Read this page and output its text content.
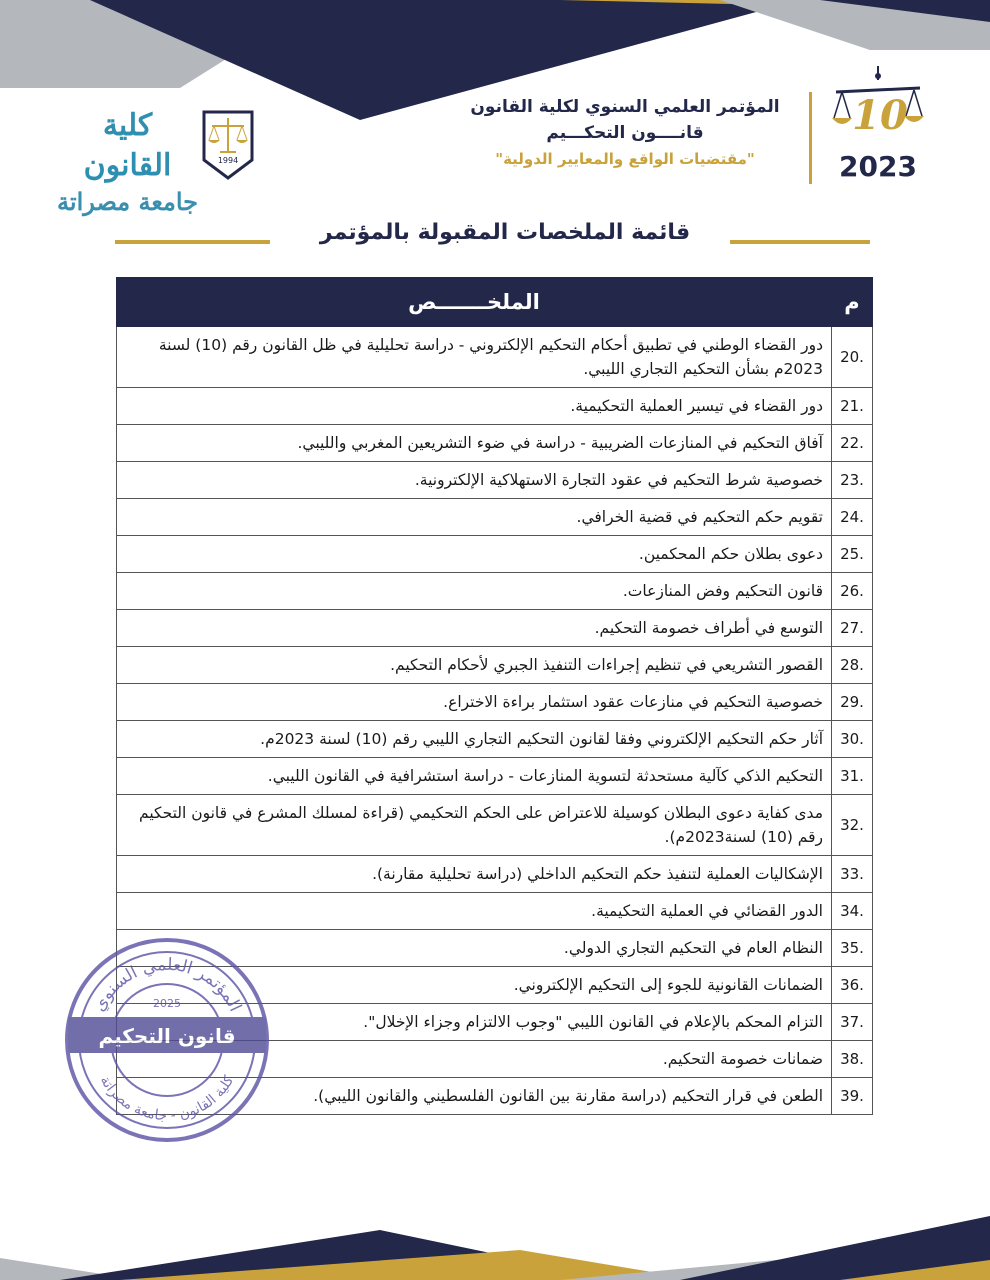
10
2023
المؤتمر العلمي السنوي لكلية القانون
قانــــون التحكـــيم
"مقتضيات الواقع والمعايير الدولية"
1994
كلية القانون
جامعة مصراتة
قائمة الملخصات المقبولة بالمؤتمر
م	الملخـــــــص
20.	دور القضاء الوطني في تطبيق أحكام التحكيم الإلكتروني - دراسة تحليلية في ظل القانون رقم (10) لسنة 2023م بشأن التحكيم التجاري الليبي.
21.	دور القضاء في تيسير العملية التحكيمية.
22.	آفاق التحكيم في المنازعات الضريبية - دراسة في ضوء التشريعين المغربي والليبي.
23.	خصوصية شرط التحكيم في عقود التجارة الاستهلاكية الإلكترونية.
24.	تقويم حكم التحكيم في قضية الخرافي.
25.	دعوى بطلان حكم المحكمين.
26.	قانون التحكيم وفض المنازعات.
27.	التوسع في أطراف خصومة التحكيم.
28.	القصور التشريعي في تنظيم إجراءات التنفيذ الجبري لأحكام التحكيم.
29.	خصوصية التحكيم في منازعات عقود استثمار براءة الاختراع.
30.	آثار حكم التحكيم الإلكتروني وفقا لقانون التحكيم التجاري الليبي رقم (10) لسنة 2023م.
31.	التحكيم الذكي كآلية مستحدثة لتسوية المنازعات - دراسة استشرافية في القانون الليبي.
32.	مدى كفاية دعوى البطلان كوسيلة للاعتراض على الحكم التحكيمي (قراءة لمسلك المشرع في قانون التحكيم رقم (10) لسنة2023م).
33.	الإشكاليات العملية لتنفيذ حكم التحكيم الداخلي (دراسة تحليلية مقارنة).
34.	الدور القضائي في العملية التحكيمية.
35.	النظام العام في التحكيم التجاري الدولي.
36.	الضمانات القانونية للجوء إلى التحكيم الإلكتروني.
37.	التزام المحكم بالإعلام في القانون الليبي "وجوب الالتزام وجزاء الإخلال".
38.	ضمانات خصومة التحكيم.
39.	الطعن في قرار التحكيم (دراسة مقارنة بين القانون الفلسطيني والقانون الليبي).
المؤتمر العلمي السنوي
كلية القانون - جامعة مصراتة
2025
قانون التحكيم
